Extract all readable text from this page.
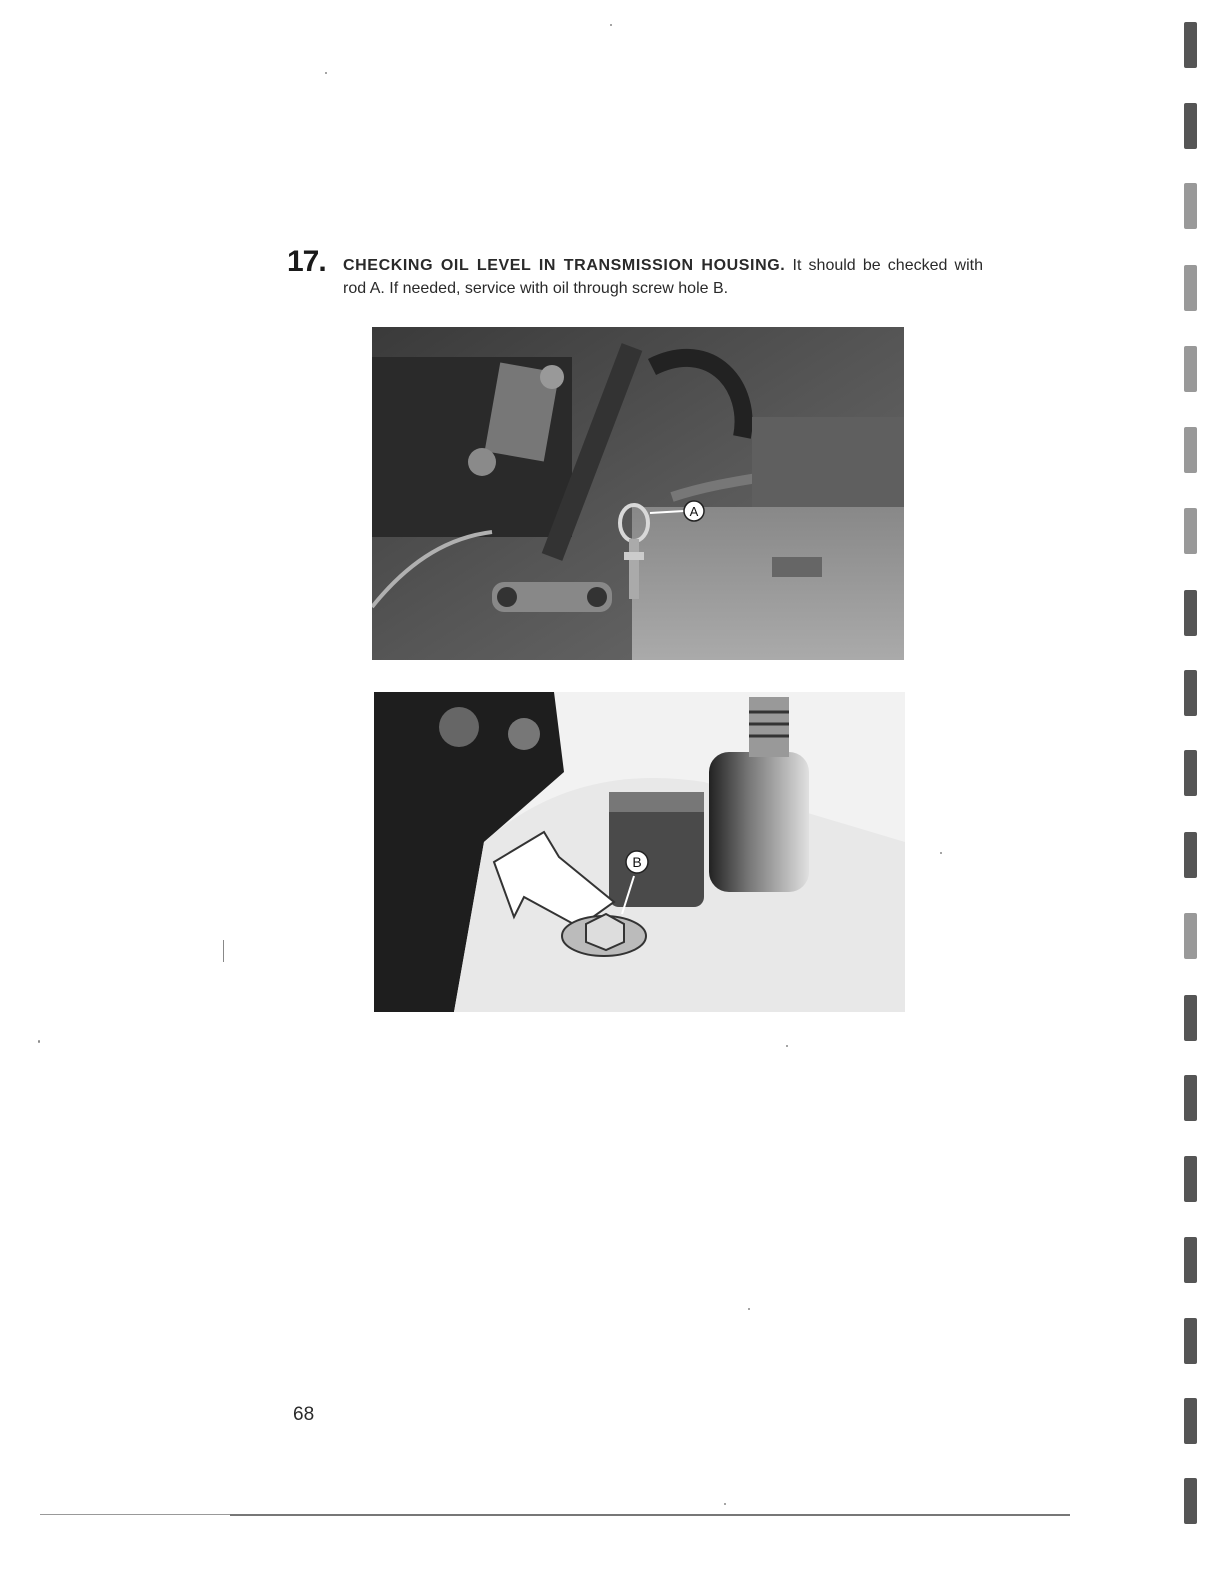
17. CHECKING OIL LEVEL IN TRANSMISSION HOUSING. It should be checked with rod A. If needed, service with oil through screw hole B.
A
B
68
